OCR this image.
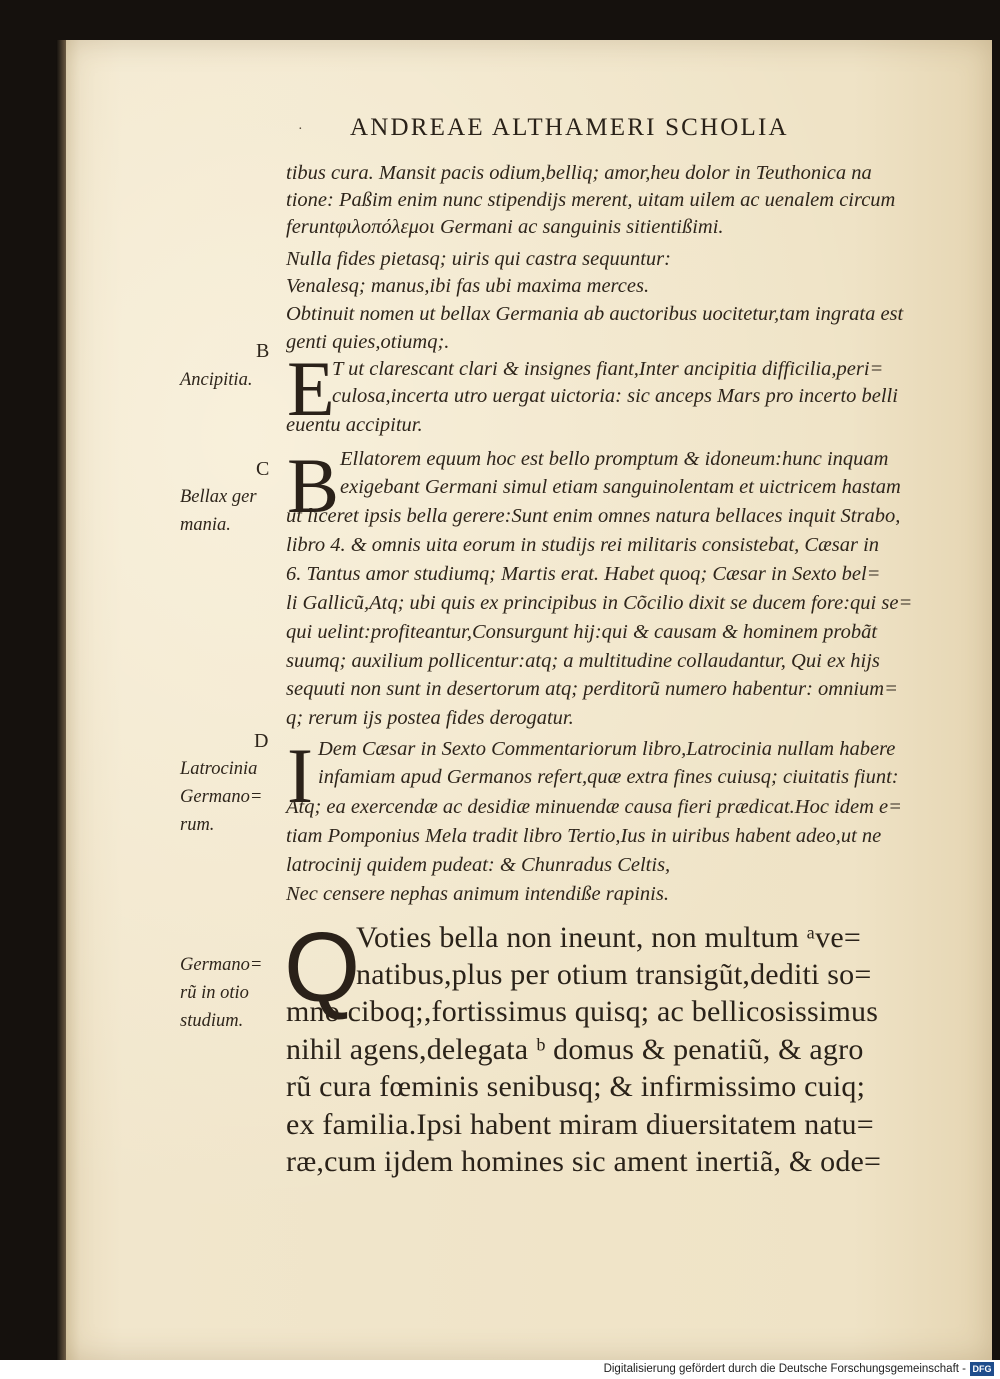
· ANDREAE ALTHAMERI SCHOLIA
tibus cura. Mansit pacis odium,belliq; amor,heu dolor in Teuthonica na
tione: Paßim enim nunc stipendijs merent, uitam uilem ac uenalem circum
feruntφιλοπόλεμοι Germani ac sanguinis sitientißimi.
Nulla fides pietasq; uiris qui castra sequuntur:
Venalesq; manus,ibi fas ubi maxima merces.
Obtinuit nomen ut bellax Germania ab auctoribus uocitetur,tam ingrata est
genti quies,otiumq;.
B
Ancipitia. E
T ut clarescant clari & insignes fiant,Inter ancipitia difficilia,peri=
culosa,incerta utro uergat uictoria: sic anceps Mars pro incerto belli
euentu accipitur.
C
Bellax ger
mania. B Ellatorem equum hoc est bello promptum & idoneum:hunc inquam
exigebant Germani simul etiam sanguinolentam et uictricem hastam
ut liceret ipsis bella gerere:Sunt enim omnes natura bellaces inquit Strabo,
libro 4. & omnis uita eorum in studijs rei militaris consistebat, Cæsar in
6. Tantus amor studiumq; Martis erat. Habet quoq; Cæsar in Sexto bel=
li Gallicũ,Atq; ubi quis ex principibus in Cõcilio dixit se ducem fore:qui se=
qui uelint:profiteantur,Consurgunt hij:qui & causam & hominem probãt
suumq; auxilium pollicentur:atq; a multitudine collaudantur, Qui ex hijs
sequuti non sunt in desertorum atq; perditorũ numero habentur: omnium=
q; rerum ijs postea fides derogatur.
D
Latrocinia
Germano=
rum.
I Dem Cæsar in Sexto Commentariorum libro,Latrocinia nullam habere
infamiam apud Germanos refert,quæ extra fines cuiusq; ciuitatis fiunt:
Atq; ea exercendæ ac desidiæ minuendæ causa fieri prædicat.Hoc idem e=
tiam Pomponius Mela tradit libro Tertio,Ius in uiribus habent adeo,ut ne
latrocinij quidem pudeat: & Chunradus Celtis,
Nec censere nephas animum intendiße rapinis.
Germano=
rũ in otio
studium. Q
Voties bella non ineunt, non multum ᵃve=
natibus,plus per otium transigũt,dediti so=
mno ciboq;,fortissimus quisq; ac bellicosissimus
nihil agens,delegata ᵇ domus & penatiũ, & agro
rũ cura fœminis senibusq; & infirmissimo cuiq;
ex familia.Ipsi habent miram diuersitatem natu=
ræ,cum ijdem homines sic ament inertiã, & ode=
Digitalisierung gefördert durch die Deutsche Forschungsgemeinschaft - DFG
